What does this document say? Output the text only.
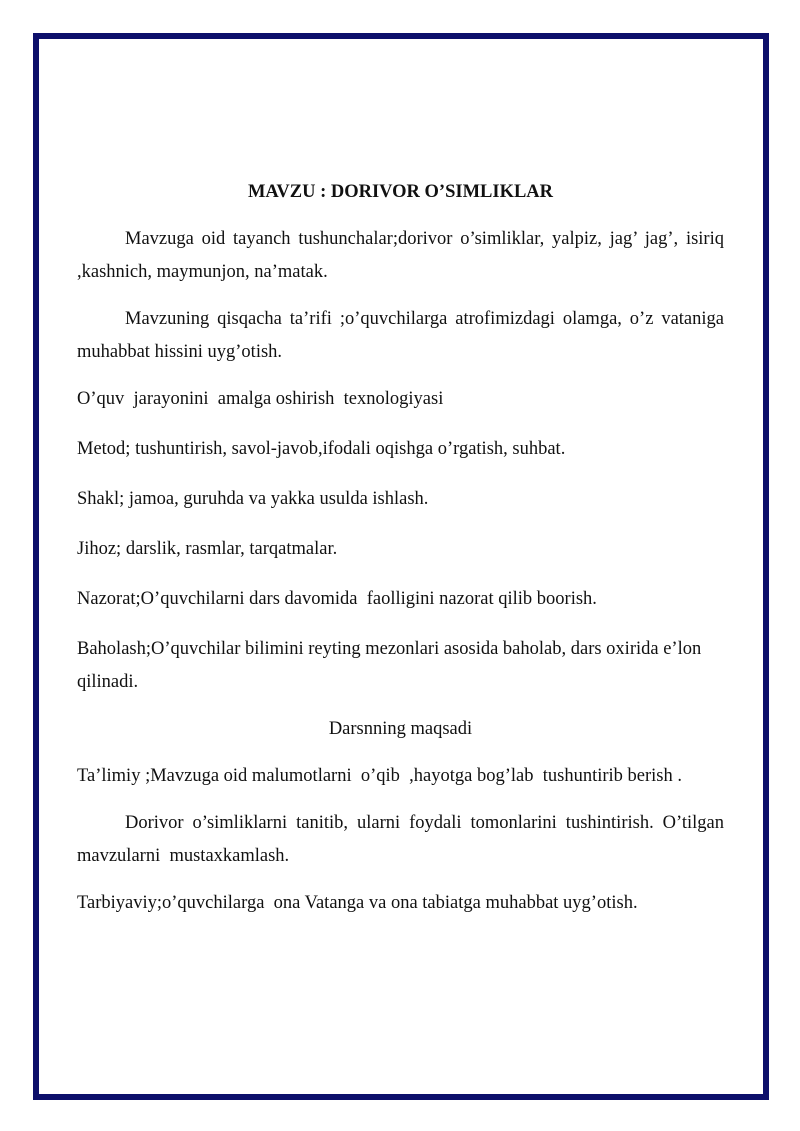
MAVZU : DORIVOR O’SIMLIKLAR
Mavzuga oid tayanch tushunchalar;dorivor o’simliklar, yalpiz, jag’ jag’, isiriq ,kashnich, maymunjon, na’matak.
Mavzuning qisqacha ta’rifi ;o’quvchilarga atrofimizdagi olamga, o’z vataniga muhabbat hissini uyg’otish.
O’quv  jarayonini  amalga oshirish  texnologiyasi
Metod; tushuntirish, savol-javob,ifodali oqishga o’rgatish, suhbat.
Shakl; jamoa, guruhda va yakka usulda ishlash.
Jihoz; darslik, rasmlar, tarqatmalar.
Nazorat;O’quvchilarni dars davomida  faolligini nazorat qilib boorish.
Baholash;O’quvchilar bilimini reyting mezonlari asosida baholab, dars oxirida e’lon qilinadi.
Darsnning maqsadi
Ta’limiy ;Mavzuga oid malumotlarni  o’qib  ,hayotga bog’lab  tushuntirib berish .
Dorivor o’simliklarni tanitib, ularni foydali tomonlarini tushintirish. O’tilgan  mavzularni  mustaxkamlash.
Tarbiyaviy;o’quvchilarga  ona Vatanga va ona tabiatga muhabbat uyg’otish.
